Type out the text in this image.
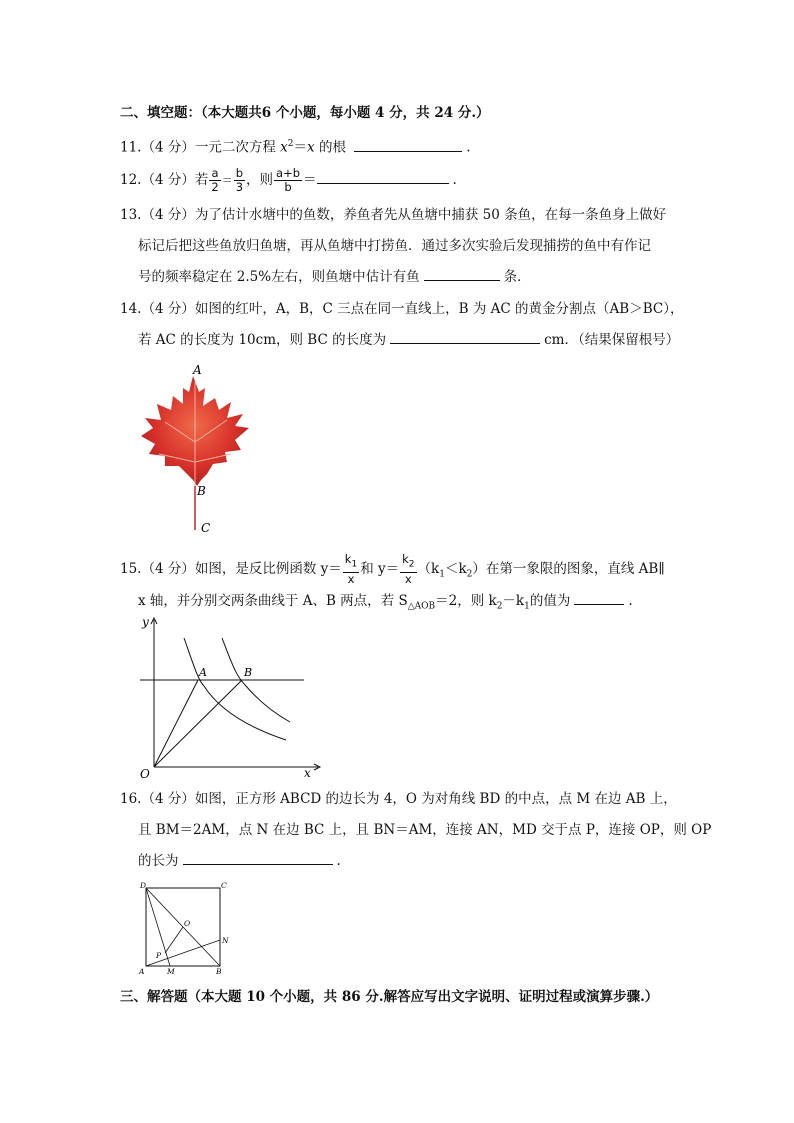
二、填空题：（本大题共6 个小题，每小题 4 分，共 24 分.）
11.（4 分）一元二次方程 $x^2=x$ 的根	.
12.（4 分）若 $\frac{a}{2} = \frac{b}{3}$ ，则 $\frac{a+b}{b}$ ＝	.
13.（4 分）为了估计水塘中的鱼数，养鱼者先从鱼塘中捕获 50 条鱼，在每一条鱼身上做好
标记后把这些鱼放归鱼塘，再从鱼塘中打捞鱼．通过多次实验后发现捕捞的鱼中有作记
号的频率稳定在 2.5%左右，则鱼塘中估计有鱼	条．
14.（4 分）如图的红叶，A，B，C 三点在同一直线上，B 为 AC 的黄金分割点（AB＞BC），
若 AC 的长度为 10cm，则 BC 的长度为	cm．（结果保留根号）
A
B
C
15.（4 分）如图，是反比例函数 $y= \frac{k_1}{x}$ 和 $y= \frac{k_2}{x} (k_1<k_2)$在第一象限的图象，直线 AB∥
x 轴，并分别交两条曲线于 A、B 两点，若 $S_{\triangle AOB}=2$，则 $k_2-k_1$的值为	.
y
x
O
A	B
16.（4 分）如图，正方形 ABCD 的边长为 4，O 为对角线 BD 的中点，点 M 在边 AB 上，
且 BM＝2AM，点 N 在边 BC 上，且 BN＝AM，连接 AN，MD 交于点 P，连接 OP，则 OP
的长为	.
D	C
O
N
P
A	M	B
三、解答题（本大题 10 个小题，共 86 分.解答应写出文字说明、证明过程或演算步骤.）
